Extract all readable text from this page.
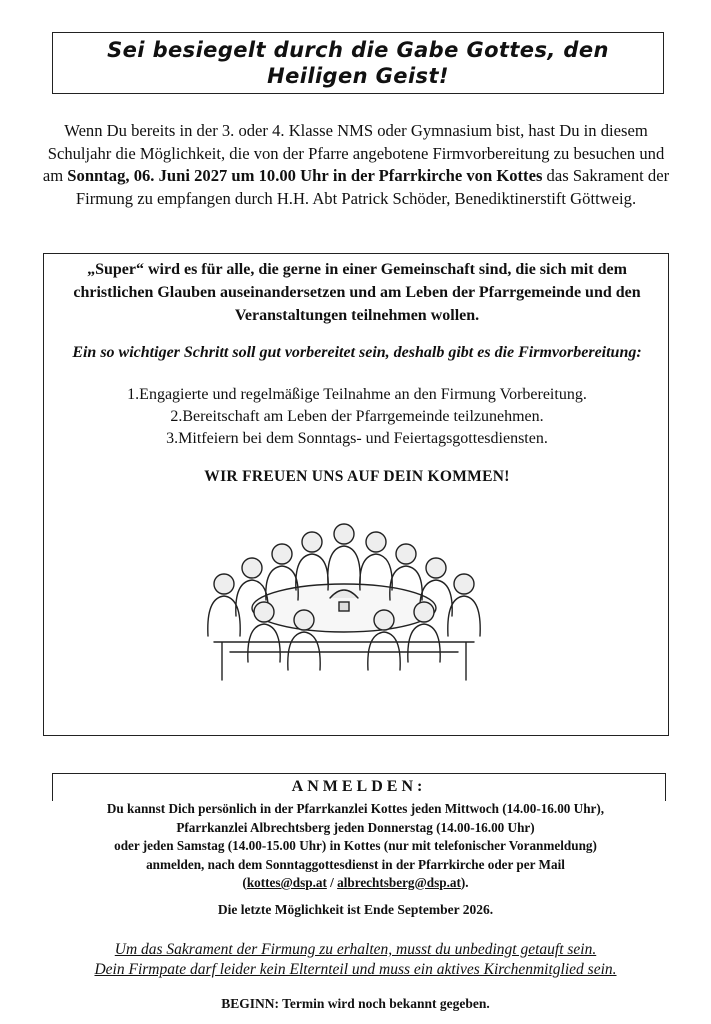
Sei besiegelt durch die Gabe Gottes, den
Heiligen Geist!
Wenn Du bereits in der 3. oder 4. Klasse NMS oder Gymnasium bist, hast Du in diesem Schuljahr die Möglichkeit, die von der Pfarre angebotene Firmvorbereitung zu besuchen und am Sonntag, 06. Juni 2027 um 10.00 Uhr in der Pfarrkirche von Kottes das Sakrament der Firmung zu empfangen durch H.H. Abt Patrick Schöder, Benediktinerstift Göttweig.
„Super“ wird es für alle, die gerne in einer Gemeinschaft sind, die sich mit dem christlichen Glauben auseinandersetzen und am Leben der Pfarrgemeinde und den Veranstaltungen teilnehmen wollen.
Ein so wichtiger Schritt soll gut vorbereitet sein, deshalb gibt es die Firmvorbereitung:
1.Engagierte und regelmäßige Teilnahme an den Firmung Vorbereitung.
2.Bereitschaft am Leben der Pfarrgemeinde teilzunehmen.
3.Mitfeiern bei dem Sonntags- und Feiertagsgottesdiensten.
WIR FREUEN UNS AUF DEIN KOMMEN!
ANMELDEN:
Du kannst Dich persönlich in der Pfarrkanzlei Kottes jeden Mittwoch (14.00-16.00 Uhr),
Pfarrkanzlei Albrechtsberg jeden Donnerstag (14.00-16.00 Uhr)
oder jeden Samstag (14.00-15.00 Uhr) in Kottes (nur mit telefonischer Voranmeldung)
anmelden, nach dem Sonntaggottesdienst in der Pfarrkirche oder per Mail
(kottes@dsp.at / albrechtsberg@dsp.at).
Die letzte Möglichkeit ist Ende September 2026.
Um das Sakrament der Firmung zu erhalten, musst du unbedingt getauft sein.
Dein Firmpate darf leider kein Elternteil und muss ein aktives Kirchenmitglied sein.
BEGINN: Termin wird noch bekannt gegeben.
